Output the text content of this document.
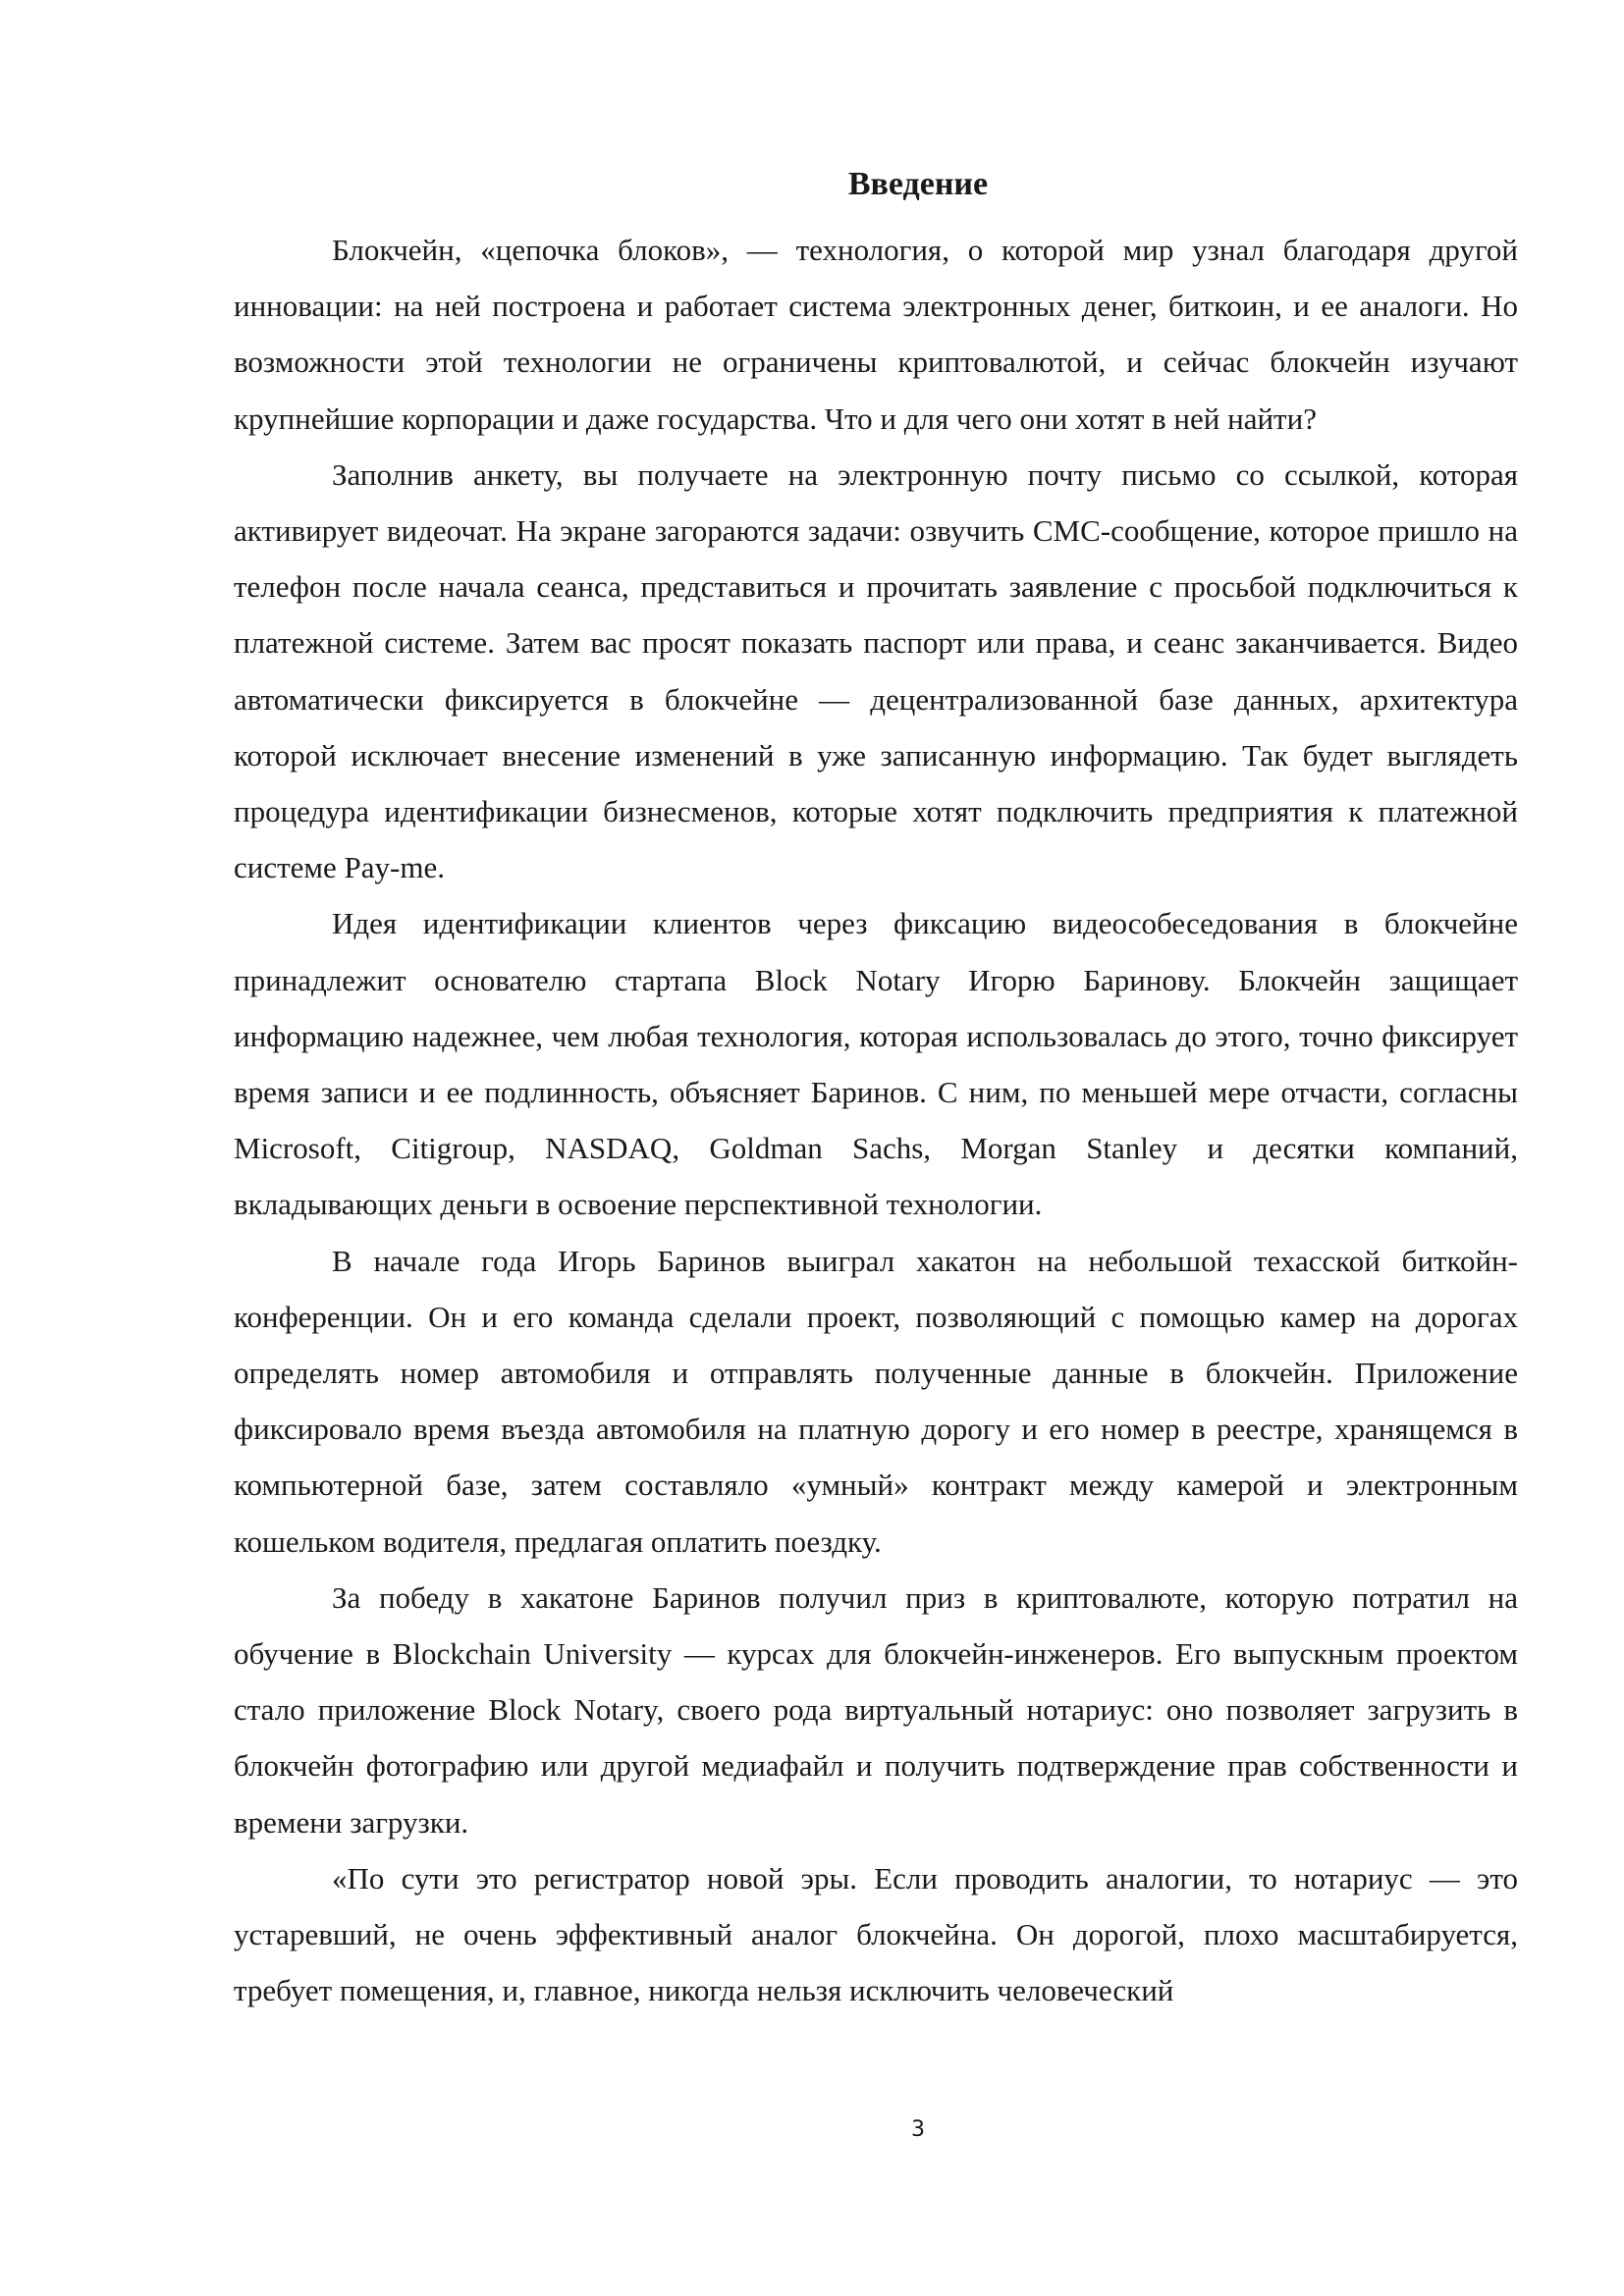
Введение

Блокчейн, «цепочка блоков», — технология, о которой мир узнал благодаря другой инновации: на ней построена и работает система электронных денег, биткоин, и ее аналоги. Но возможности этой технологии не ограничены криптовалютой, и сейчас блокчейн изучают крупнейшие корпорации и даже государства. Что и для чего они хотят в ней найти?

Заполнив анкету, вы получаете на электронную почту письмо со ссылкой, которая активирует видеочат. На экране загораются задачи: озвучить СМС-сообщение, которое пришло на телефон после начала сеанса, представиться и прочитать заявление с просьбой подключиться к платежной системе. Затем вас просят показать паспорт или права, и сеанс заканчивается. Видео автоматически фиксируется в блокчейне — децентрализованной базе данных, архитектура которой исключает внесение изменений в уже записанную информацию. Так будет выглядеть процедура идентификации бизнесменов, которые хотят подключить предприятия к платежной системе Pay-me.

Идея идентификации клиентов через фиксацию видеособеседования в блокчейне принадлежит основателю стартапа Block Notary Игорю Баринову. Блокчейн защищает информацию надежнее, чем любая технология, которая использовалась до этого, точно фиксирует время записи и ее подлинность, объясняет Баринов. С ним, по меньшей мере отчасти, согласны Microsoft, Citigroup, NASDAQ, Goldman Sachs, Morgan Stanley и десятки компаний, вкладывающих деньги в освоение перспективной технологии.

В начале года Игорь Баринов выиграл хакатон на небольшой техасской биткойн-конференции. Он и его команда сделали проект, позволяющий с помощью камер на дорогах определять номер автомобиля и отправлять полученные данные в блокчейн. Приложение фиксировало время въезда автомобиля на платную дорогу и его номер в реестре, хранящемся в компьютерной базе, затем составляло «умный» контракт между камерой и электронным кошельком водителя, предлагая оплатить поездку.

За победу в хакатоне Баринов получил приз в криптовалюте, которую потратил на обучение в Blockchain University — курсах для блокчейн-инженеров. Его выпускным проектом стало приложение Block Notary, своего рода виртуальный нотариус: оно позволяет загрузить в блокчейн фотографию или другой медиафайл и получить подтверждение прав собственности и времени загрузки.

«По сути это регистратор новой эры. Если проводить аналогии, то нотариус — это устаревший, не очень эффективный аналог блокчейна. Он дорогой, плохо масштабируется, требует помещения, и, главное, никогда нельзя исключить человеческий

3
